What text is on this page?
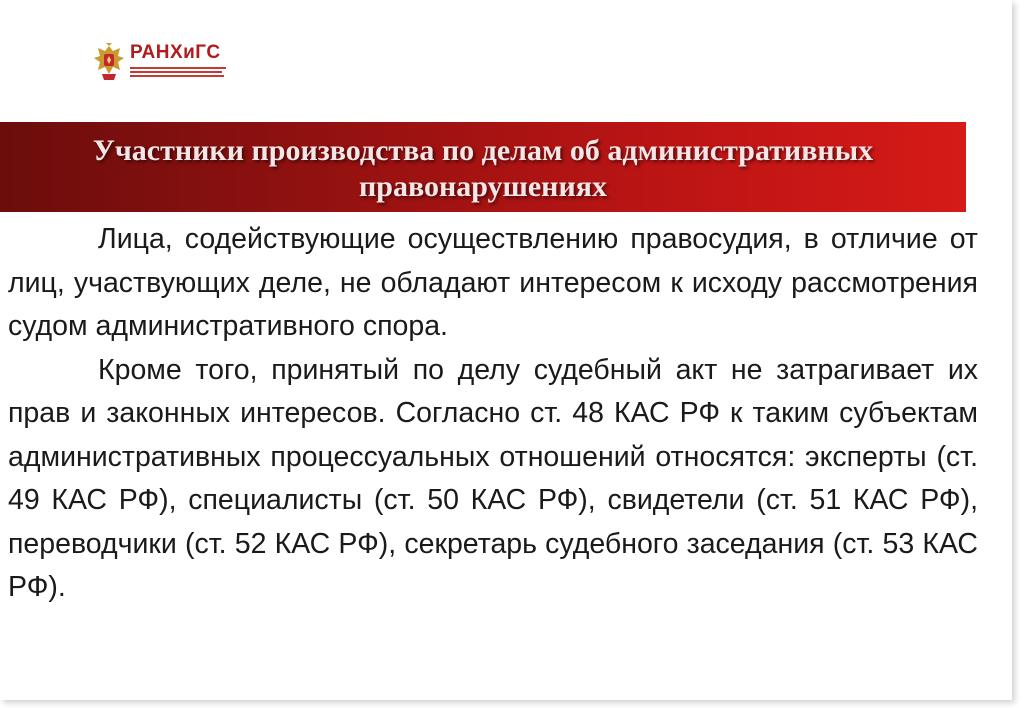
РАНХиГС
Участники производства по делам об административных правонарушениях

Лица, содействующие осуществлению правосудия, в отличие от лиц, участвующих деле, не обладают интересом к исходу рассмотрения судом административного спора.

Кроме того, принятый по делу судебный акт не затрагивает их прав и законных интересов. Согласно ст. 48 КАС РФ к таким субъектам административных процессуальных отношений относятся: эксперты (ст. 49 КАС РФ), специалисты (ст. 50 КАС РФ), свидетели (ст. 51 КАС РФ), переводчики (ст. 52 КАС РФ), секретарь судебного заседания (ст. 53 КАС РФ).
